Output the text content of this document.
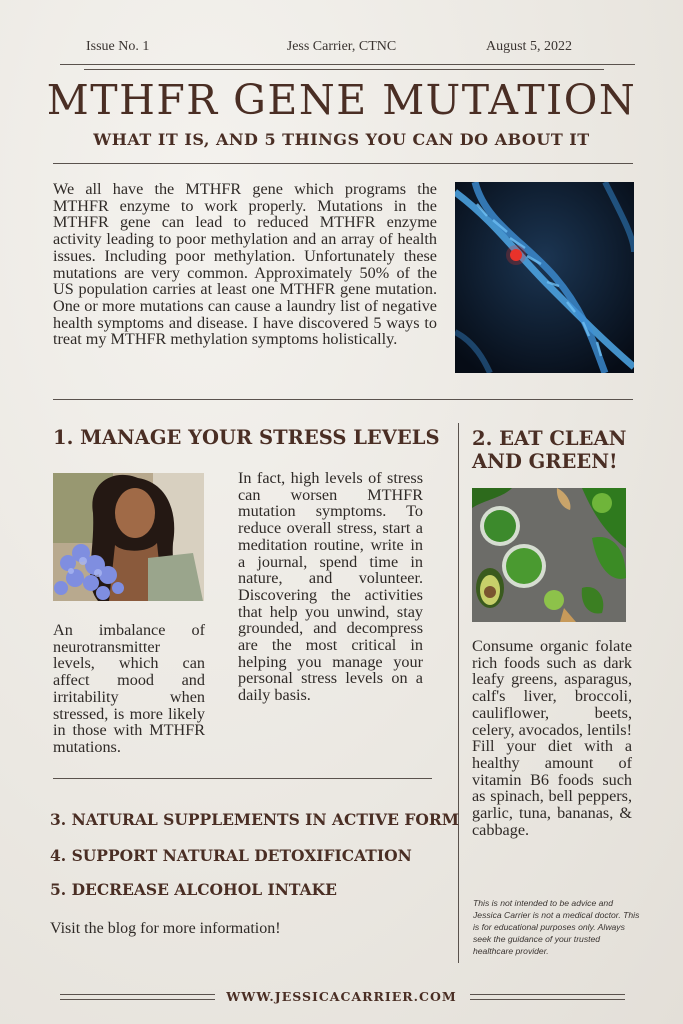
Issue No. 1	Jess Carrier, CTNC	August 5, 2022
MTHFR GENE MUTATION
WHAT IT IS, AND 5 THINGS YOU CAN DO ABOUT IT
We all have the MTHFR gene which programs the MTHFR enzyme to work properly. Mutations in the MTHFR gene can lead to reduced MTHFR enzyme activity leading to poor methylation and an array of health issues. Including poor methylation. Unfortunately these mutations are very common. Approximately 50% of the US population carries at least one MTHFR gene mutation. One or more mutations can cause a laundry list of negative health symptoms and disease. I have discovered 5 ways to treat my MTHFR methylation symptoms holistically.
1. MANAGE YOUR STRESS LEVELS
An imbalance of neurotransmitter levels, which can affect mood and irritability when stressed, is more likely in those with MTHFR mutations.
In fact, high levels of stress can worsen MTHFR mutation symptoms. To reduce overall stress, start a meditation routine, write in a journal, spend time in nature, and volunteer. Discovering the activities that help you unwind, stay grounded, and decompress are the most critical in helping you manage your personal stress levels on a daily basis.
2. EAT CLEAN
AND GREEN!
Consume organic folate rich foods such as dark leafy greens, asparagus, calf's liver, broccoli, cauliflower, beets, celery, avocados, lentils! Fill your diet with a healthy amount of vitamin B6 foods such as spinach, bell peppers, garlic, tuna, bananas, & cabbage.
This is not intended to be advice and Jessica Carrier is not a medical doctor. This is for educational purposes only. Always seek the guidance of your trusted healthcare provider.
3. NATURAL SUPPLEMENTS IN ACTIVE FORM
4. SUPPORT NATURAL DETOXIFICATION
5. DECREASE ALCOHOL INTAKE
Visit the blog for more information!
WWW.JESSICACARRIER.COM
